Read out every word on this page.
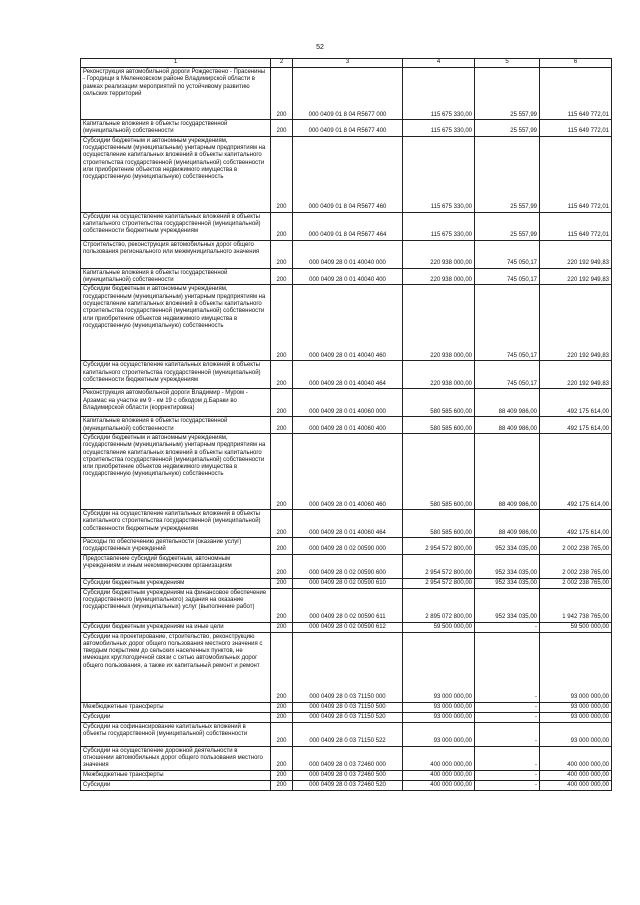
52
1	2	3	4	5	6

Реконструкция автомобильной дороги Рождествено - Прасенины - Городищи в Меленковском районе Владимирской области в рамках реализации мероприятий по устойчивому развитию сельских территорий	200	000 0409 01 8 04 R5677 000	115 675 330,00	25 557,99	115 649 772,01

Капитальные вложения в объекты государственной (муниципальной) собственности	200	000 0409 01 8 04 R5677 400	115 675 330,00	25 557,99	115 649 772,01

Субсидии бюджетным и автономным учреждениям, государственным (муниципальным) унитарным предприятиям на осуществление капитальных вложений в объекты капитального строительства государственной (муниципальной) собственности или приобретение объектов недвижимого имущества в государственную (муниципальную) собственность	200	000 0409 01 8 04 R5677 460	115 675 330,00	25 557,99	115 649 772,01

Субсидии на осуществление капитальных вложений в объекты капитального строительства государственной (муниципальной) собственности бюджетным учреждениям	200	000 0409 01 8 04 R5677 464	115 675 330,00	25 557,99	115 649 772,01

Строительство, реконструкция автомобильных дорог общего пользования регионального или межмуниципального значения	200	000 0409 28 0 01 40040 000	220 938 000,00	745 050,17	220 192 949,83

Капитальные вложения в объекты государственной (муниципальной) собственности	200	000 0409 28 0 01 40040 400	220 938 000,00	745 050,17	220 192 949,83

Субсидии бюджетным и автономным учреждениям, государственным (муниципальным) унитарным предприятиям на осуществление капитальных вложений в объекты капитального строительства государственной (муниципальной) собственности или приобретение объектов недвижимого имущества в государственную (муниципальную) собственность	200	000 0409 28 0 01 40040 460	220 938 000,00	745 050,17	220 192 949,83

Субсидии на осуществление капитальных вложений в объекты капитального строительства государственной (муниципальной) собственности бюджетным учреждениям	200	000 0409 28 0 01 40040 464	220 938 000,00	745 050,17	220 192 949,83

Реконструкция автомобильной дороги Владимир - Муром - Арзамас на участке км 9 - км 19 с обходом д.Бараки во Владимирской области (корректировка)	200	000 0409 28 0 01 40060 000	580 585 600,00	88 409 986,00	492 175 614,00

Капитальные вложения в объекты государственной (муниципальной) собственности	200	000 0409 28 0 01 40060 400	580 585 600,00	88 409 986,00	492 175 614,00

Субсидии бюджетным и автономным учреждениям, государственным (муниципальным) унитарным предприятиям на осуществление капитальных вложений в объекты капитального строительства государственной (муниципальной) собственности или приобретение объектов недвижимого имущества в государственную (муниципальную) собственность	200	000 0409 28 0 01 40060 460	580 585 600,00	88 409 986,00	492 175 614,00

Субсидии на осуществление капитальных вложений в объекты капитального строительства государственной (муниципальной) собственности бюджетным учреждениям	200	000 0409 28 0 01 40060 464	580 585 600,00	88 409 986,00	492 175 614,00

Расходы по обеспечению деятельности (оказание услуг) государственных учреждений	200	000 0409 28 0 02 00590 000	2 954 572 800,00	952 334 035,00	2 002 238 765,00

Предоставление субсидий бюджетным, автономным учреждениям и иным некоммерческим организациям	200	000 0409 28 0 02 00590 600	2 954 572 800,00	952 334 035,00	2 002 238 765,00

Субсидии бюджетным учреждениям	200	000 0409 28 0 02 00590 610	2 954 572 800,00	952 334 035,00	2 002 238 765,00

Субсидии бюджетным учреждениям на финансовое обеспечение государственного (муниципального) задания на оказание государственных (муниципальных) услуг (выполнение работ)	200	000 0409 28 0 02 00590 611	2 895 072 800,00	952 334 035,00	1 942 738 765,00

Субсидии бюджетным учреждениям на иные цели	200	000 0409 28 0 02 00590 612	59 500 000,00	-	59 500 000,00

Субсидии на проектирование, строительство, реконструкцию автомобильных дорог общего пользования местного значения с твердым покрытием до сельских населенных пунктов, не имеющих круглогодичной связи с сетью автомобильных дорог общего пользования, а также их капитальный ремонт и ремонт	200	000 0409 28 0 03 71150 000	93 000 000,00	-	93 000 000,00

Межбюджетные трансферты	200	000 0409 28 0 03 71150 500	93 000 000,00	-	93 000 000,00

Субсидии	200	000 0409 28 0 03 71150 520	93 000 000,00	-	93 000 000,00

Субсидии на софинансирование капитальных вложений в объекты государственной (муниципальной) собственности	200	000 0409 28 0 03 71150 522	93 000 000,00	-	93 000 000,00

Субсидии на осуществление дорожной деятельности в отношении автомобильных дорог общего пользования местного значения	200	000 0409 28 0 03 72460 000	400 000 000,00	-	400 000 000,00

Межбюджетные трансферты	200	000 0409 28 0 03 72460 500	400 000 000,00	-	400 000 000,00

Субсидии	200	000 0409 28 0 03 72460 520	400 000 000,00	-	400 000 000,00
